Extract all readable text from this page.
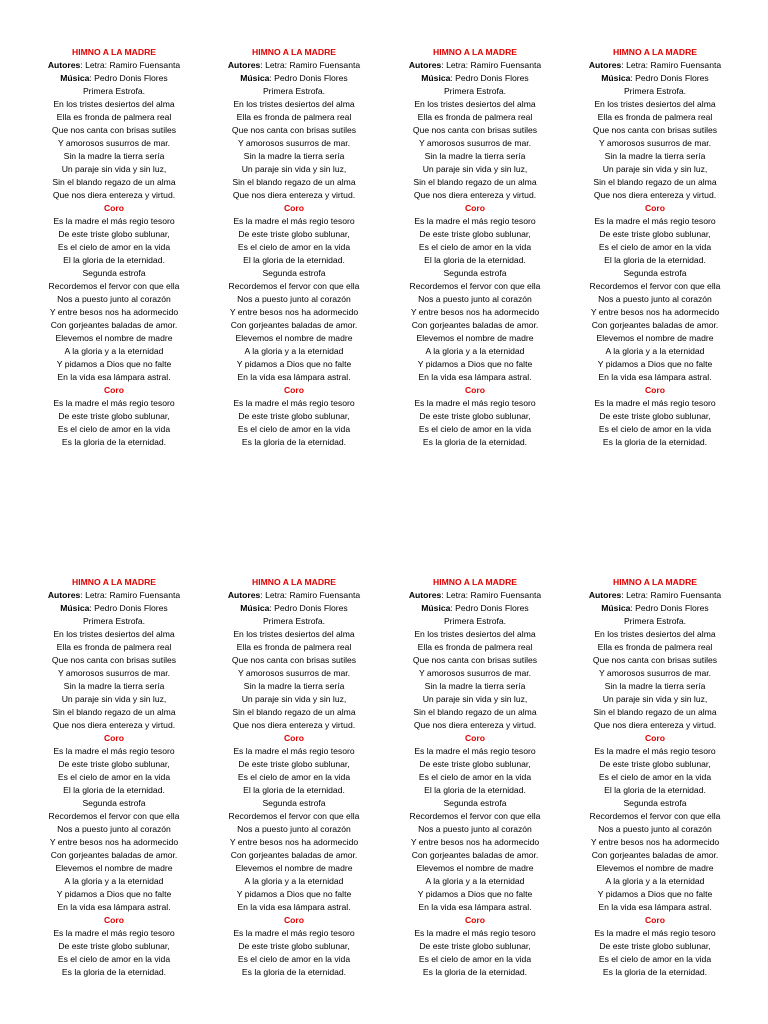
HIMNO A LA MADRE
Autores: Letra: Ramiro Fuensanta
Música: Pedro Donis Flores
Primera Estrofa.
En los tristes desiertos del alma
Ella es fronda de palmera real
Que nos canta con brisas sutiles
Y amorosos susurros de mar.
Sin la madre la tierra sería
Un paraje sin vida y sin luz,
Sin el blando regazo de un alma
Que nos diera entereza y virtud.
Coro
Es la madre el más regio tesoro
De este triste globo sublunar,
Es el cielo de amor en la vida
El la gloria de la eternidad.
Segunda estrofa
Recordemos el fervor con que ella
Nos a puesto junto al corazón
Y entre besos nos ha adormecido
Con gorjeantes baladas de amor.
Elevemos el nombre de madre
A la gloria y a la eternidad
Y pidamos a Dios que no falte
En la vida esa lámpara astral.
Coro
Es la madre el más regio tesoro
De este triste globo sublunar,
Es el cielo de amor en la vida
Es la gloria de la eternidad.
HIMNO A LA MADRE
Autores: Letra: Ramiro Fuensanta
Música: Pedro Donis Flores
Primera Estrofa.
En los tristes desiertos del alma
Ella es fronda de palmera real
Que nos canta con brisas sutiles
Y amorosos susurros de mar.
Sin la madre la tierra sería
Un paraje sin vida y sin luz,
Sin el blando regazo de un alma
Que nos diera entereza y virtud.
Coro
Es la madre el más regio tesoro
De este triste globo sublunar,
Es el cielo de amor en la vida
El la gloria de la eternidad.
Segunda estrofa
Recordemos el fervor con que ella
Nos a puesto junto al corazón
Y entre besos nos ha adormecido
Con gorjeantes baladas de amor.
Elevemos el nombre de madre
A la gloria y a la eternidad
Y pidamos a Dios que no falte
En la vida esa lámpara astral.
Coro
Es la madre el más regio tesoro
De este triste globo sublunar,
Es el cielo de amor en la vida
Es la gloria de la eternidad.
HIMNO A LA MADRE
Autores: Letra: Ramiro Fuensanta
Música: Pedro Donis Flores
Primera Estrofa.
En los tristes desiertos del alma
Ella es fronda de palmera real
Que nos canta con brisas sutiles
Y amorosos susurros de mar.
Sin la madre la tierra sería
Un paraje sin vida y sin luz,
Sin el blando regazo de un alma
Que nos diera entereza y virtud.
Coro
Es la madre el más regio tesoro
De este triste globo sublunar,
Es el cielo de amor en la vida
El la gloria de la eternidad.
Segunda estrofa
Recordemos el fervor con que ella
Nos a puesto junto al corazón
Y entre besos nos ha adormecido
Con gorjeantes baladas de amor.
Elevemos el nombre de madre
A la gloria y a la eternidad
Y pidamos a Dios que no falte
En la vida esa lámpara astral.
Coro
Es la madre el más regio tesoro
De este triste globo sublunar,
Es el cielo de amor en la vida
Es la gloria de la eternidad.
HIMNO A LA MADRE
Autores: Letra: Ramiro Fuensanta
Música: Pedro Donis Flores
Primera Estrofa.
En los tristes desiertos del alma
Ella es fronda de palmera real
Que nos canta con brisas sutiles
Y amorosos susurros de mar.
Sin la madre la tierra sería
Un paraje sin vida y sin luz,
Sin el blando regazo de un alma
Que nos diera entereza y virtud.
Coro
Es la madre el más regio tesoro
De este triste globo sublunar,
Es el cielo de amor en la vida
El la gloria de la eternidad.
Segunda estrofa
Recordemos el fervor con que ella
Nos a puesto junto al corazón
Y entre besos nos ha adormecido
Con gorjeantes baladas de amor.
Elevemos el nombre de madre
A la gloria y a la eternidad
Y pidamos a Dios que no falte
En la vida esa lámpara astral.
Coro
Es la madre el más regio tesoro
De este triste globo sublunar,
Es el cielo de amor en la vida
Es la gloria de la eternidad.
HIMNO A LA MADRE
Autores: Letra: Ramiro Fuensanta
Música: Pedro Donis Flores
Primera Estrofa.
En los tristes desiertos del alma
Ella es fronda de palmera real
Que nos canta con brisas sutiles
Y amorosos susurros de mar.
Sin la madre la tierra sería
Un paraje sin vida y sin luz,
Sin el blando regazo de un alma
Que nos diera entereza y virtud.
Coro
Es la madre el más regio tesoro
De este triste globo sublunar,
Es el cielo de amor en la vida
El la gloria de la eternidad.
Segunda estrofa
Recordemos el fervor con que ella
Nos a puesto junto al corazón
Y entre besos nos ha adormecido
Con gorjeantes baladas de amor.
Elevemos el nombre de madre
A la gloria y a la eternidad
Y pidamos a Dios que no falte
En la vida esa lámpara astral.
Coro
Es la madre el más regio tesoro
De este triste globo sublunar,
Es el cielo de amor en la vida
Es la gloria de la eternidad.
HIMNO A LA MADRE
Autores: Letra: Ramiro Fuensanta
Música: Pedro Donis Flores
Primera Estrofa.
En los tristes desiertos del alma
Ella es fronda de palmera real
Que nos canta con brisas sutiles
Y amorosos susurros de mar.
Sin la madre la tierra sería
Un paraje sin vida y sin luz,
Sin el blando regazo de un alma
Que nos diera entereza y virtud.
Coro
Es la madre el más regio tesoro
De este triste globo sublunar,
Es el cielo de amor en la vida
El la gloria de la eternidad.
Segunda estrofa
Recordemos el fervor con que ella
Nos a puesto junto al corazón
Y entre besos nos ha adormecido
Con gorjeantes baladas de amor.
Elevemos el nombre de madre
A la gloria y a la eternidad
Y pidamos a Dios que no falte
En la vida esa lámpara astral.
Coro
Es la madre el más regio tesoro
De este triste globo sublunar,
Es el cielo de amor en la vida
Es la gloria de la eternidad.
HIMNO A LA MADRE
Autores: Letra: Ramiro Fuensanta
Música: Pedro Donis Flores
Primera Estrofa.
En los tristes desiertos del alma
Ella es fronda de palmera real
Que nos canta con brisas sutiles
Y amorosos susurros de mar.
Sin la madre la tierra sería
Un paraje sin vida y sin luz,
Sin el blando regazo de un alma
Que nos diera entereza y virtud.
Coro
Es la madre el más regio tesoro
De este triste globo sublunar,
Es el cielo de amor en la vida
El la gloria de la eternidad.
Segunda estrofa
Recordemos el fervor con que ella
Nos a puesto junto al corazón
Y entre besos nos ha adormecido
Con gorjeantes baladas de amor.
Elevemos el nombre de madre
A la gloria y a la eternidad
Y pidamos a Dios que no falte
En la vida esa lámpara astral.
Coro
Es la madre el más regio tesoro
De este triste globo sublunar,
Es el cielo de amor en la vida
Es la gloria de la eternidad.
HIMNO A LA MADRE
Autores: Letra: Ramiro Fuensanta
Música: Pedro Donis Flores
Primera Estrofa.
En los tristes desiertos del alma
Ella es fronda de palmera real
Que nos canta con brisas sutiles
Y amorosos susurros de mar.
Sin la madre la tierra sería
Un paraje sin vida y sin luz,
Sin el blando regazo de un alma
Que nos diera entereza y virtud.
Coro
Es la madre el más regio tesoro
De este triste globo sublunar,
Es el cielo de amor en la vida
El la gloria de la eternidad.
Segunda estrofa
Recordemos el fervor con que ella
Nos a puesto junto al corazón
Y entre besos nos ha adormecido
Con gorjeantes baladas de amor.
Elevemos el nombre de madre
A la gloria y a la eternidad
Y pidamos a Dios que no falte
En la vida esa lámpara astral.
Coro
Es la madre el más regio tesoro
De este triste globo sublunar,
Es el cielo de amor en la vida
Es la gloria de la eternidad.
